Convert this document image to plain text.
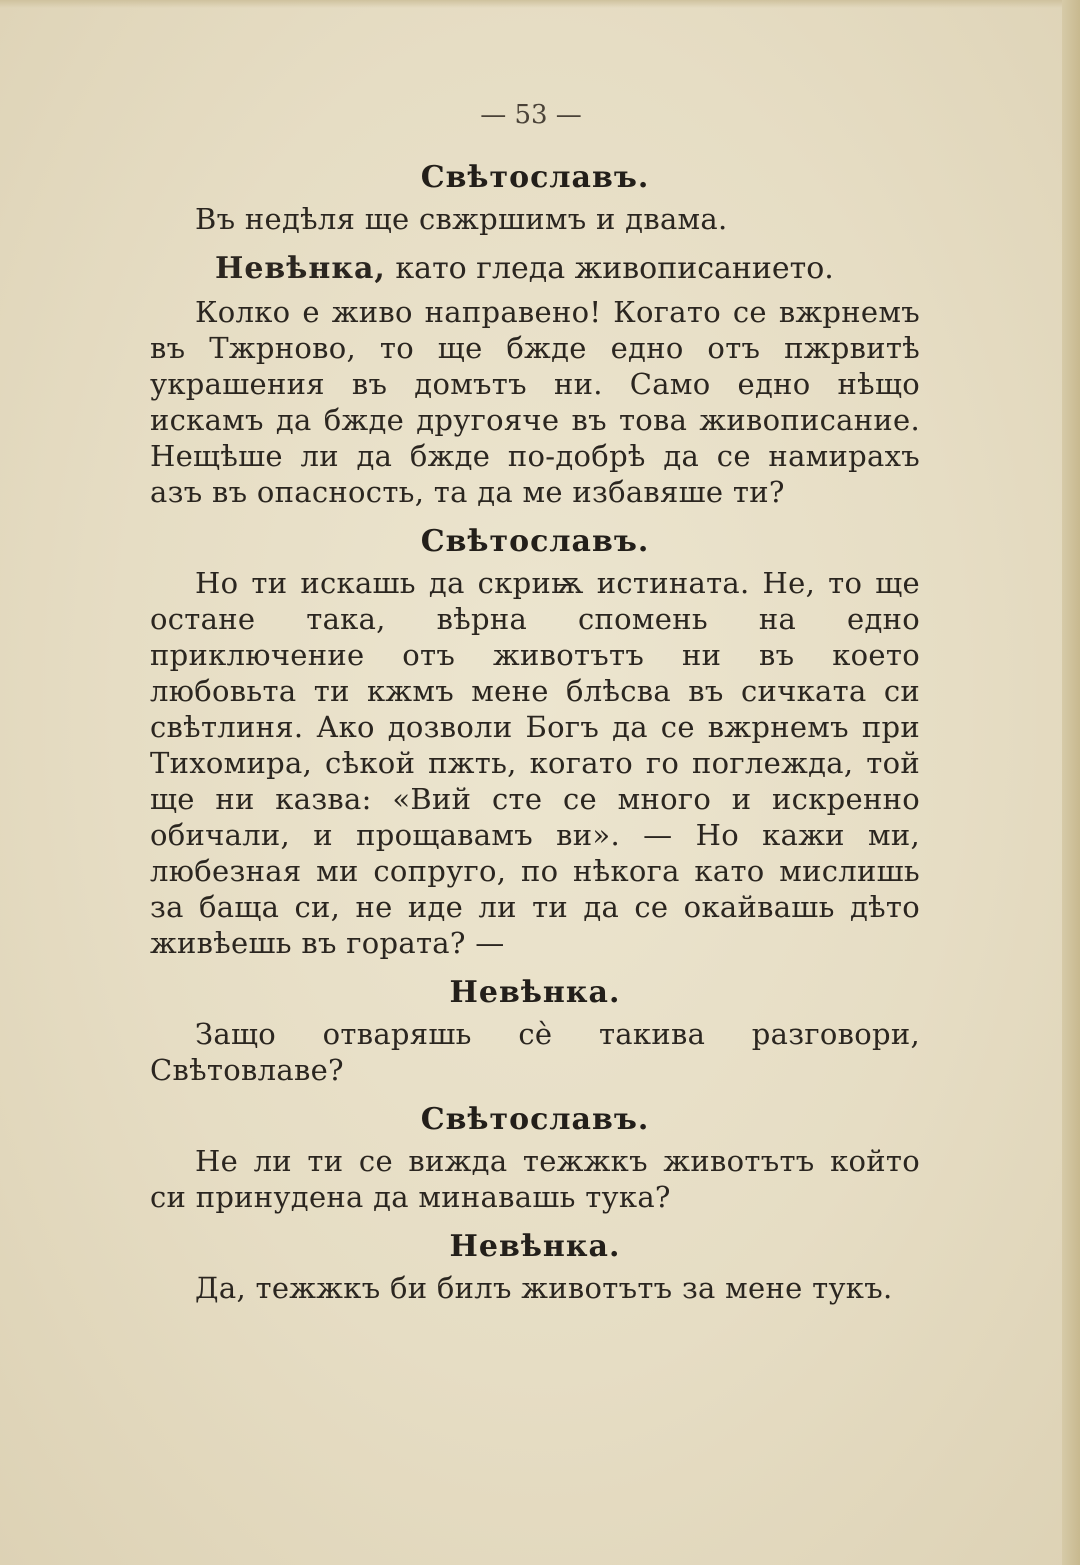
— 53 —
Свѣтославъ.

Въ недѣля ще свжршимъ и двама.

Невѣнка, като гледа живописанието.

Колко е живо направено! Когато се вжрнемъ въ Тжрново, то ще бжде едно отъ пжрвитѣ украшения въ домътъ ни. Само едно нѣщо искамъ да бжде другояче въ това живописание. Нещѣше ли да бжде по-добрѣ да се намирахъ азъ въ опасность, та да ме избавяше ти?

Свѣтославъ.

Но ти искашь да скриѭ истината. Не, то ще остане така, вѣрна спомень на едно приключение отъ животътъ ни въ което любовьта ти кжмъ мене блѣсва въ сичката си свѣтлиня. Ако дозволи Богъ да се вжрнемъ при Тихомира, сѣкой пжть, когато го поглежда, той ще ни казва: «Вий сте се много и искренно обичали, и прощавамъ ви». — Но кажи ми, любезная ми сопруго, по нѣкога като мислишь за баща си, не иде ли ти да се окайвашь дѣто живѣешь въ гората? —

Невѣнка.

Защо отваряшь сѐ такива разговори, Свѣтовлаве?

Свѣтославъ.

Не ли ти се вижда тежжкъ животътъ който си принудена да минавашь тука?

Невѣнка.

Да, тежжкъ би билъ животътъ за мене тукъ.
